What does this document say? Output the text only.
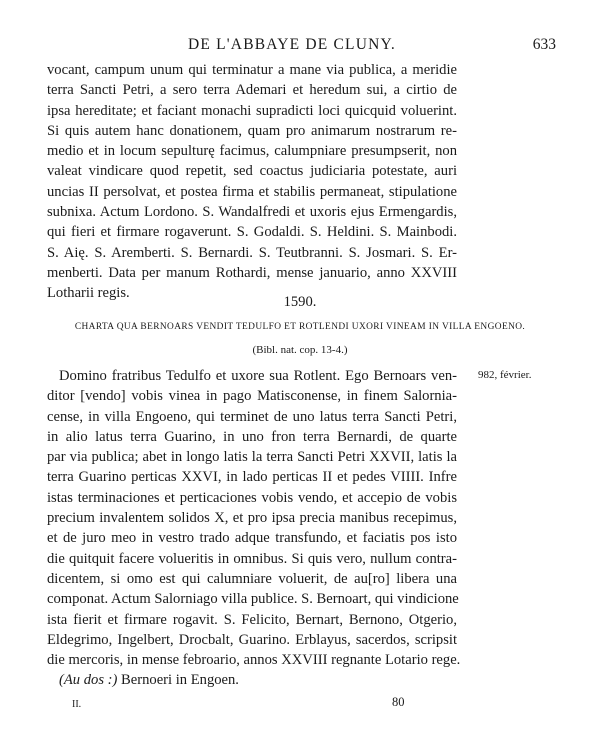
DE L'ABBAYE DE CLUNY.	633

vocant, campum unum qui terminatur a mane via publica, a meridie
terra Sancti Petri, a sero terra Ademari et heredum sui, a cirtio de
ipsa hereditate; et faciant monachi supradicti loci quicquid voluerint.
Si quis autem hanc donationem, quam pro animarum nostrarum re-
medio et in locum sepulturę facimus, calumpniare presumpserit, non
valeat vindicare quod repetit, sed coactus judiciaria potestate, auri
uncias II persolvat, et postea firma et stabilis permaneat, stipulatione
subnixa. Actum Lordono. S. Wandalfredi et uxoris ejus Ermengardis,
qui fieri et firmare rogaverunt. S. Godaldi. S. Heldini. S. Mainbodi.
S. Aię. S. Aremberti. S. Bernardi. S. Teutbranni. S. Josmari. S. Er-
menberti. Data per manum Rothardi, mense januario, anno XXVIII
Lotharii regis.

1590.
CHARTA QUA BERNOARS VENDIT TEDULFO ET ROTLENDI UXORI VINEAM IN VILLA ENGOENO.
(Bibl. nat. cop. 13-4.)
982, février.

Domino fratribus Tedulfo et uxore sua Rotlent. Ego Bernoars ven-
ditor [vendo] vobis vinea in pago Matisconense, in finem Salornia-
cense, in villa Engoeno, qui terminet de uno latus terra Sancti Petri,
in alio latus terra Guarino, in uno fron terra Bernardi, de quarte
par via publica; abet in longo latis la terra Sancti Petri XXVII, latis la
terra Guarino perticas XXVI, in lado perticas II et pedes VIIII. Infre
istas terminaciones et perticaciones vobis vendo, et accepio de vobis
precium invalentem solidos X, et pro ipsa precia manibus recepimus,
et de juro meo in vestro trado adque transfundo, et faciatis pos isto
die quitquit facere volueritis in omnibus. Si quis vero, nullum contra-
dicentem, si omo est qui calumniare voluerit, de au[ro] libera una
componat. Actum Salorniago villa publice. S. Bernoart, qui vindicione
ista fierit et firmare rogavit. S. Felicito, Bernart, Bernono, Otgerio,
Eldegrimo, Ingelbert, Drocbalt, Guarino. Erblayus, sacerdos, scripsit
die mercoris, in mense febroario, annos XXVIII regnante Lotario rege.
(Au dos :) Bernoeri in Engoen.

II.	80
